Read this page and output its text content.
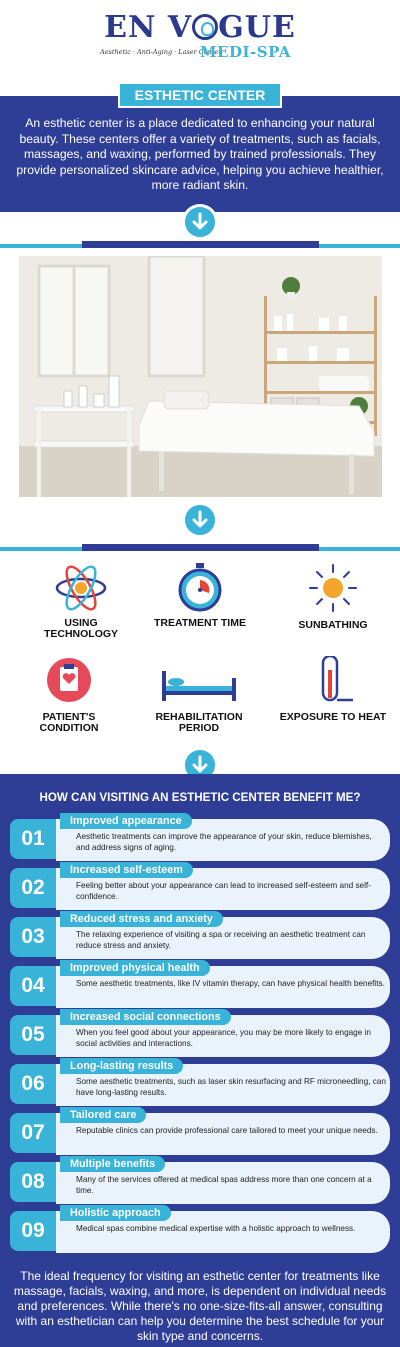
EN V GUE
Aesthetic · Anti-Aging · Laser Center
MEDI-SPA
ESTHETIC CENTER
An esthetic center is a place dedicated to enhancing your natural beauty. These centers offer a variety of treatments, such as facials, massages, and waxing, performed by trained professionals. They provide personalized skincare advice, helping you achieve healthier, more radiant skin.
USING TECHNOLOGY
TREATMENT TIME	SUNBATHING
PATIENT'S CONDITION
REHABILITATION PERIOD
EXPOSURE TO HEAT
HOW CAN VISITING AN ESTHETIC CENTER BENEFIT ME?
01
Improved appearance
Aesthetic treatments can improve the appearance of your skin, reduce blemishes, and address signs of aging.
02
Increased self-esteem
Feeling better about your appearance can lead to increased self-esteem and self-confidence.
03
Reduced stress and anxiety
The relaxing experience of visiting a spa or receiving an aesthetic treatment can reduce stress and anxiety.
04
Improved physical health
Some aesthetic treatments, like IV vitamin therapy, can have physical health benefits.
05
Increased social connections
When you feel good about your appearance, you may be more likely to engage in social activities and interactions.
06
Long-lasting results
Some aesthetic treatments, such as laser skin resurfacing and RF microneedling, can have long-lasting results.
07
Tailored care
Reputable clinics can provide professional care tailored to meet your unique needs.
08
Multiple benefits
Many of the services offered at medical spas address more than one concern at a time.
09
Holistic approach
Medical spas combine medical expertise with a holistic approach to wellness.
The ideal frequency for visiting an esthetic center for treatments like massage, facials, waxing, and more, is dependent on individual needs and preferences. While there's no one-size-fits-all answer, consulting with an esthetician can help you determine the best schedule for your skin type and concerns.
